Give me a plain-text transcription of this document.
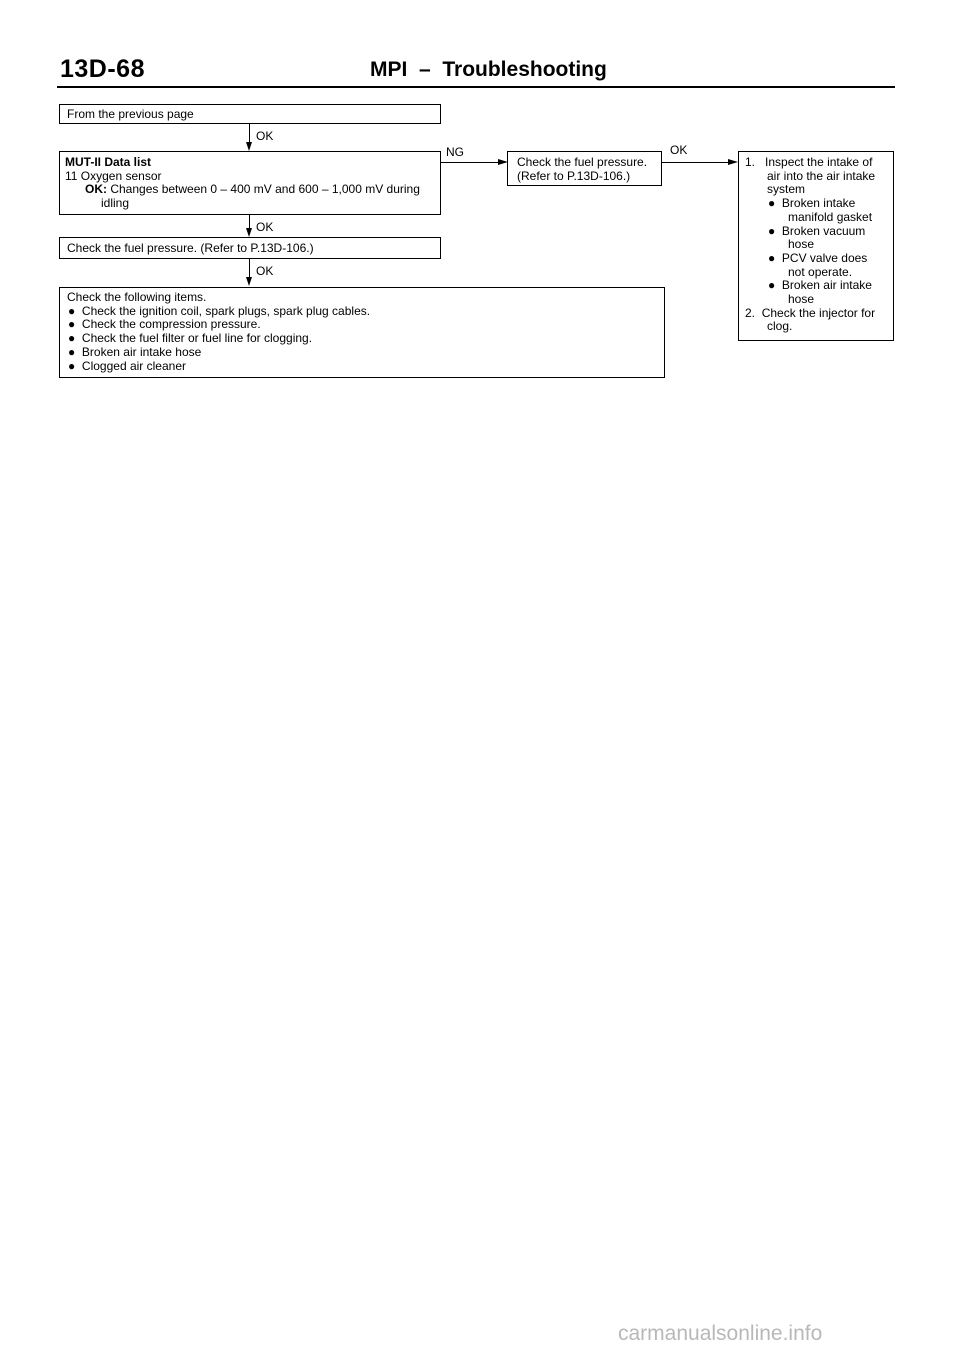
13D-68	MPI  –  Troubleshooting
From the previous page
OK
MUT-II Data list
11 Oxygen sensor
OK: Changes between 0 – 400 mV and 600 – 1,000 mV during
idling
NG
Check the fuel pressure.
(Refer to P.13D-106.)
OK
1. Inspect the intake of
air into the air intake
system
● Broken intake
manifold gasket
● Broken vacuum
hose
● PCV valve does
not operate.
● Broken air intake
hose
2. Check the injector for
clog.
OK
Check the fuel pressure. (Refer to P.13D-106.)
OK
Check the following items.
● Check the ignition coil, spark plugs, spark plug cables.
● Check the compression pressure.
● Check the fuel filter or fuel line for clogging.
● Broken air intake hose
● Clogged air cleaner
carmanualsonline.info
